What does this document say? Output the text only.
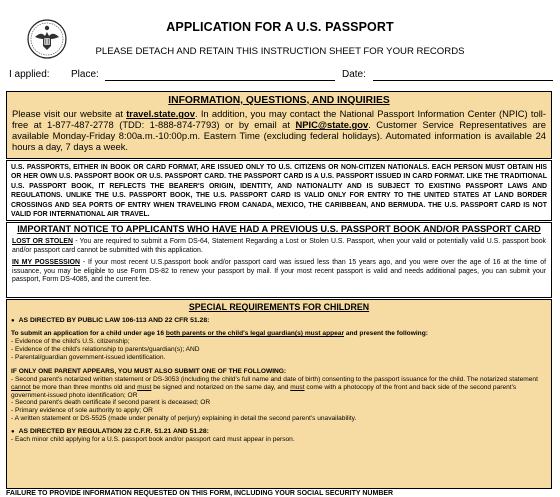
APPLICATION FOR A U.S. PASSPORT
PLEASE DETACH AND RETAIN THIS INSTRUCTION SHEET FOR YOUR RECORDS
I applied: Place:	Date:
INFORMATION, QUESTIONS, AND INQUIRIES

Please visit our website at travel.state.gov. In addition, you may contact the National Passport Information Center (NPIC) toll-free at 1-877-487-2778 (TDD: 1-888-874-7793) or by email at NPIC@state.gov. Customer Service Representatives are available Monday-Friday 8:00a.m.-10:00p.m. Eastern Time (excluding federal holidays). Automated information is available 24 hours a day, 7 days a week.

U.S. PASSPORTS, EITHER IN BOOK OR CARD FORMAT, ARE ISSUED ONLY TO U.S. CITIZENS OR NON-CITIZEN NATIONALS. EACH PERSON MUST OBTAIN HIS OR HER OWN U.S. PASSPORT BOOK OR U.S. PASSPORT CARD. THE PASSPORT CARD IS A U.S. PASSPORT ISSUED IN CARD FORMAT. LIKE THE TRADITIONAL U.S. PASSPORT BOOK, IT REFLECTS THE BEARER'S ORIGIN, IDENTITY, AND NATIONALITY AND IS SUBJECT TO EXISTING PASSPORT LAWS AND REGULATIONS. UNLIKE THE U.S. PASSPORT BOOK, THE U.S. PASSPORT CARD IS VALID ONLY FOR ENTRY TO THE UNITED STATES AT LAND BORDER CROSSINGS AND SEA PORTS OF ENTRY WHEN TRAVELING FROM CANADA, MEXICO, THE CARIBBEAN, AND BERMUDA. THE U.S. PASSPORT CARD IS NOT VALID FOR INTERNATIONAL AIR TRAVEL.

IMPORTANT NOTICE TO APPLICANTS WHO HAVE HAD A PREVIOUS U.S. PASSPORT BOOK AND/OR PASSPORT CARD

LOST OR STOLEN - You are required to submit a Form DS-64, Statement Regarding a Lost or Stolen U.S. Passport, when your valid or potentially valid U.S. passport book and/or passport card cannot be submitted with this application.

IN MY POSSESSION - If your most recent U.S.passport book and/or passport card was issued less than 15 years ago, and you were over the age of 16 at the time of issuance, you may be eligible to use Form DS-82 to renew your passport by mail. If your most recent passport is valid and needs additional pages, you can submit your passport, Form DS-4085, and the current fee.

SPECIAL REQUIREMENTS FOR CHILDREN
● AS DIRECTED BY PUBLIC LAW 106-113 AND 22 CFR 51.28:
To submit an application for a child under age 16 both parents or the child's legal guardian(s) must appear and present the following:
- Evidence of the child's U.S. citizenship;
- Evidence of the child's relationship to parents/guardian(s); AND
- Parental/guardian government-issued identification.
IF ONLY ONE PARENT APPEARS, YOU MUST ALSO SUBMIT ONE OF THE FOLLOWING:
- Second parent's notarized written statement or DS-3053 (including the child's full name and date of birth) consenting to the passport issuance for the child. The notarized statement cannot be more than three months old and must be signed and notarized on the same day, and must come with a photocopy of the front and back side of the second parent's government-issued photo identification; OR
- Second parent's death certificate if second parent is deceased; OR
- Primary evidence of sole authority to apply; OR
- A written statement or DS-5525 (made under penalty of perjury) explaining in detail the second parent's unavailability.
● AS DIRECTED BY REGULATION 22 C.F.R. 51.21 AND 51.28:
- Each minor child applying for a U.S. passport book and/or passport card must appear in person.
FAILURE TO PROVIDE INFORMATION REQUESTED ON THIS FORM, INCLUDING YOUR SOCIAL SECURITY NUMBER
